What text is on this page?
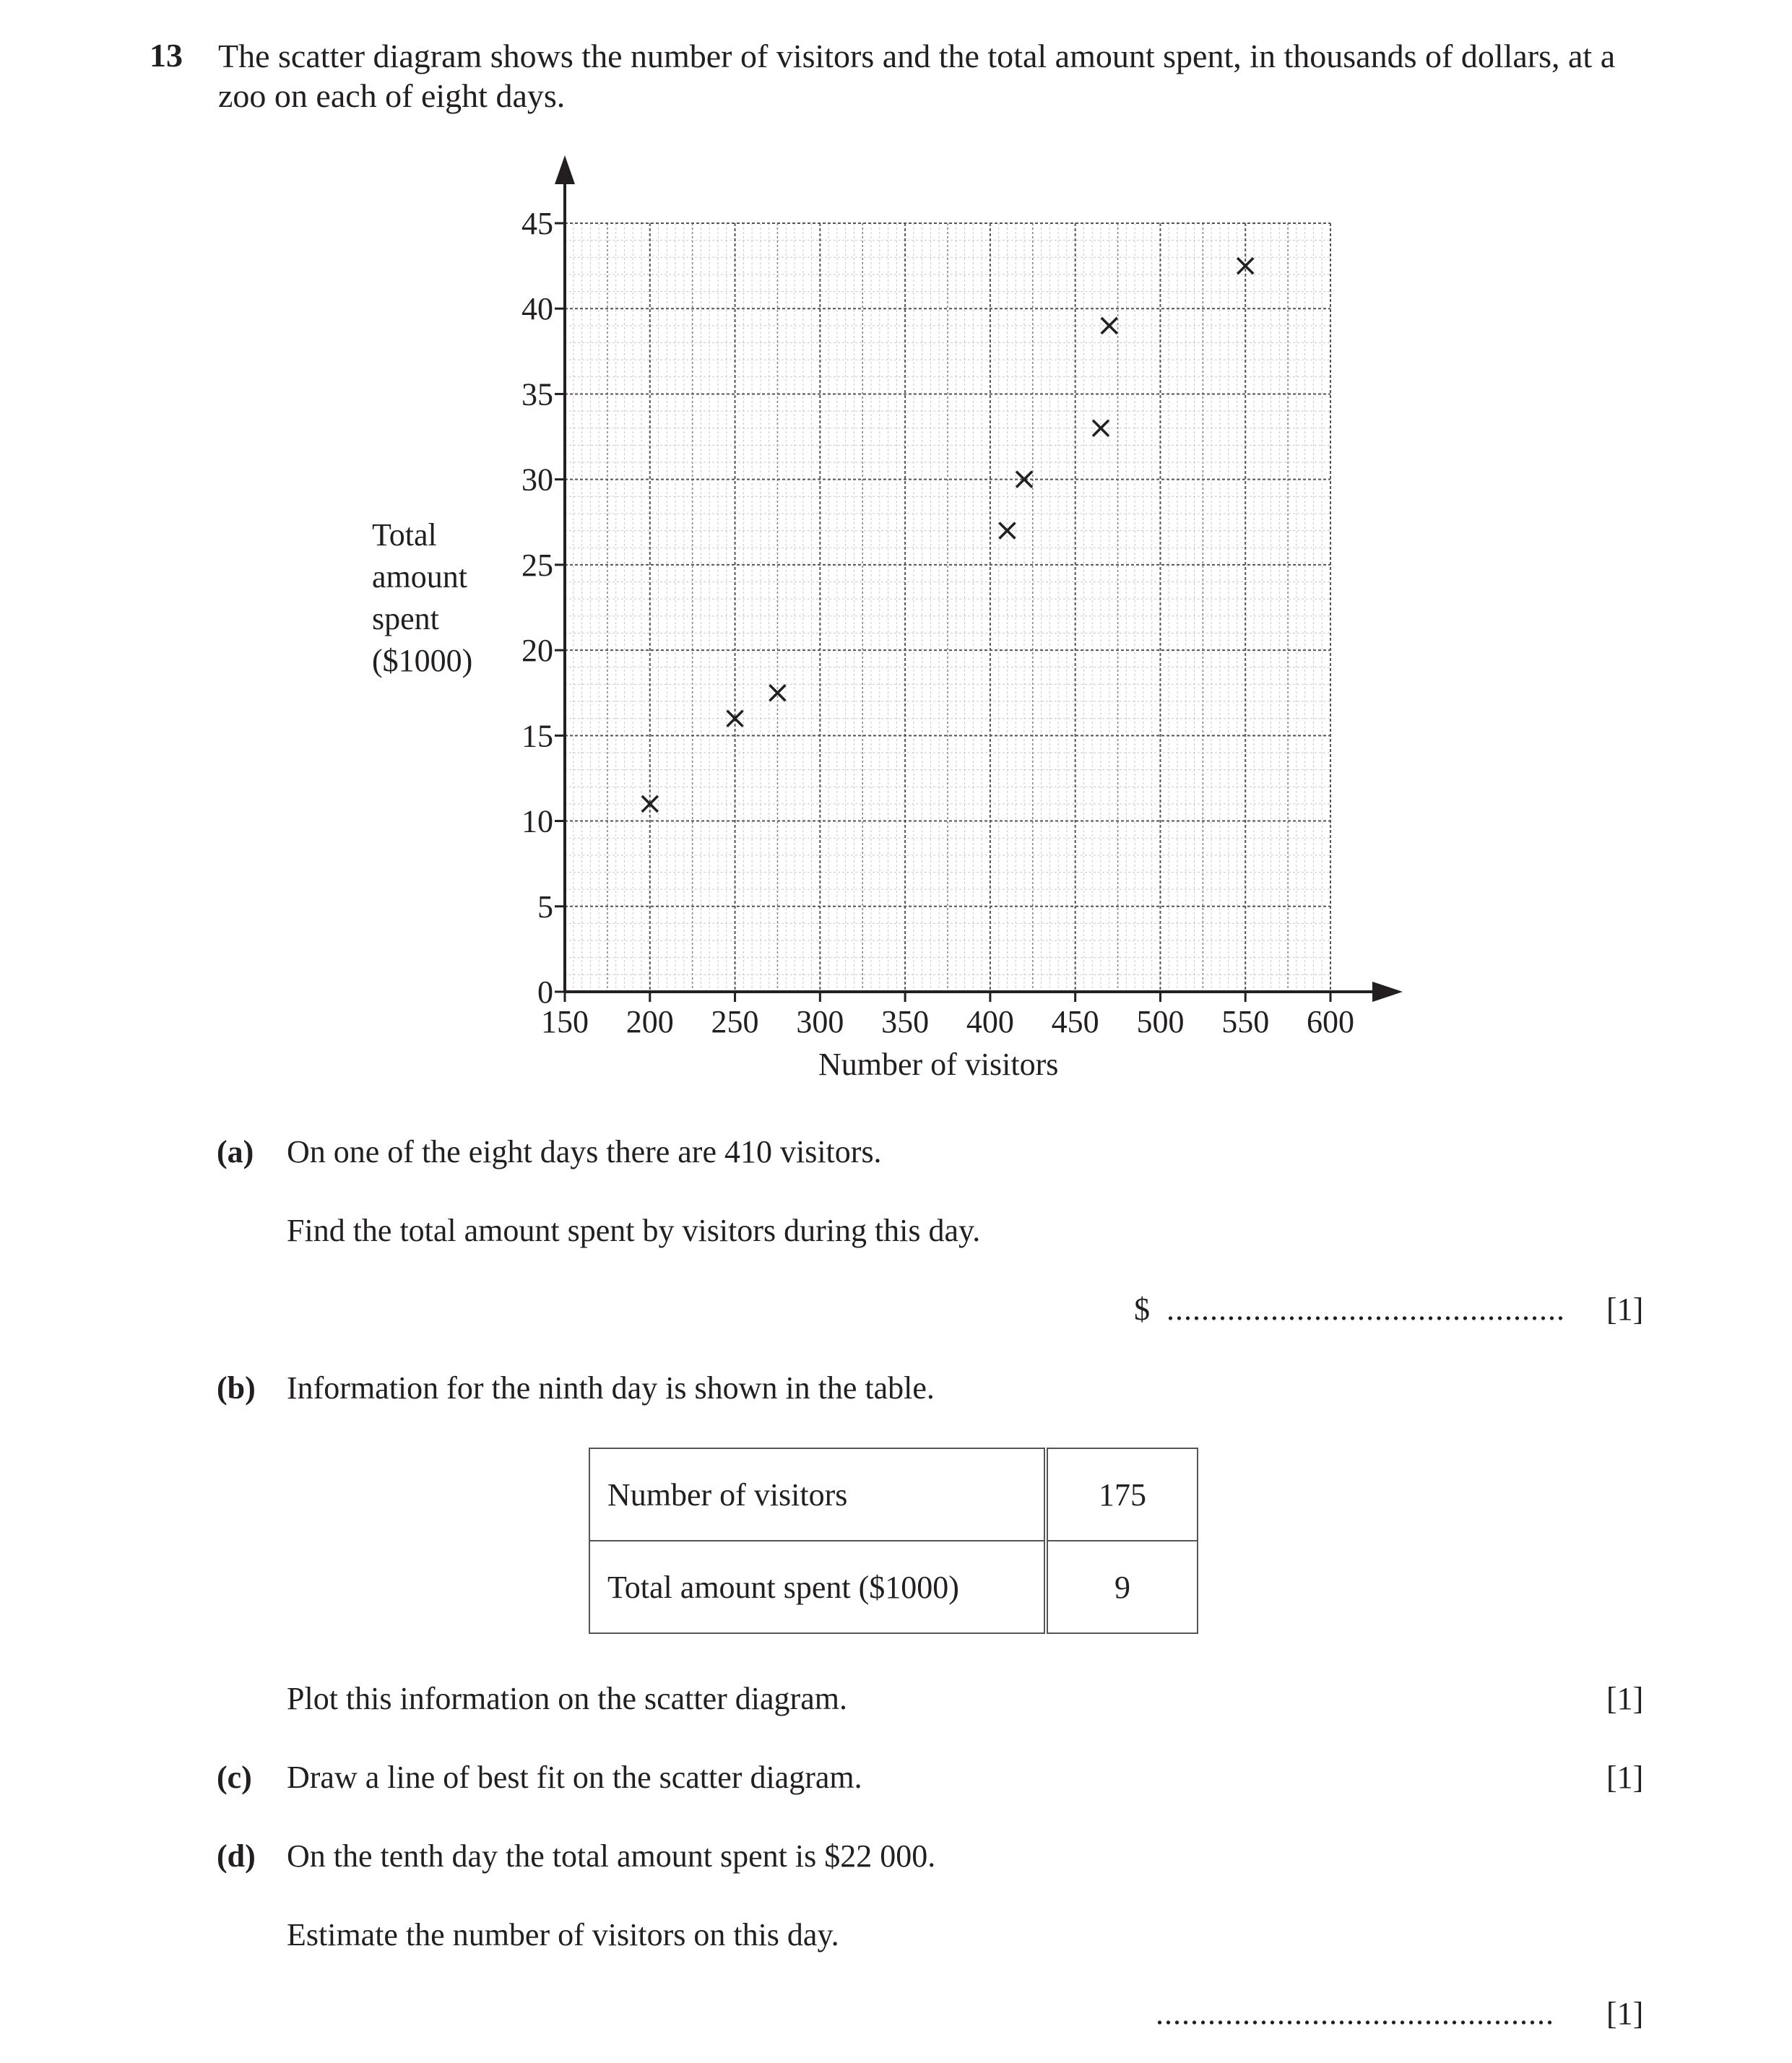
13 The scatter diagram shows the number of visitors and the total amount spent, in thousands of dollars, at a zoo on each of eight days.
0
5
10
15
20
25
30
35
40
45
150 200 250 300 350 400 450 500 550 600
Total
amount
spent
($1000)
Number of visitors
(a) On one of the eight days there are 410 visitors.
Find the total amount spent by visitors during this day.
$ .............................................. [1]
(b) Information for the ninth day is shown in the table.
Number of visitors	175
Total amount spent ($1000)	9
Plot this information on the scatter diagram.	[1]
(c) Draw a line of best fit on the scatter diagram.	[1]
(d) On the tenth day the total amount spent is $22 000.
Estimate the number of visitors on this day.
.............................................. [1]
